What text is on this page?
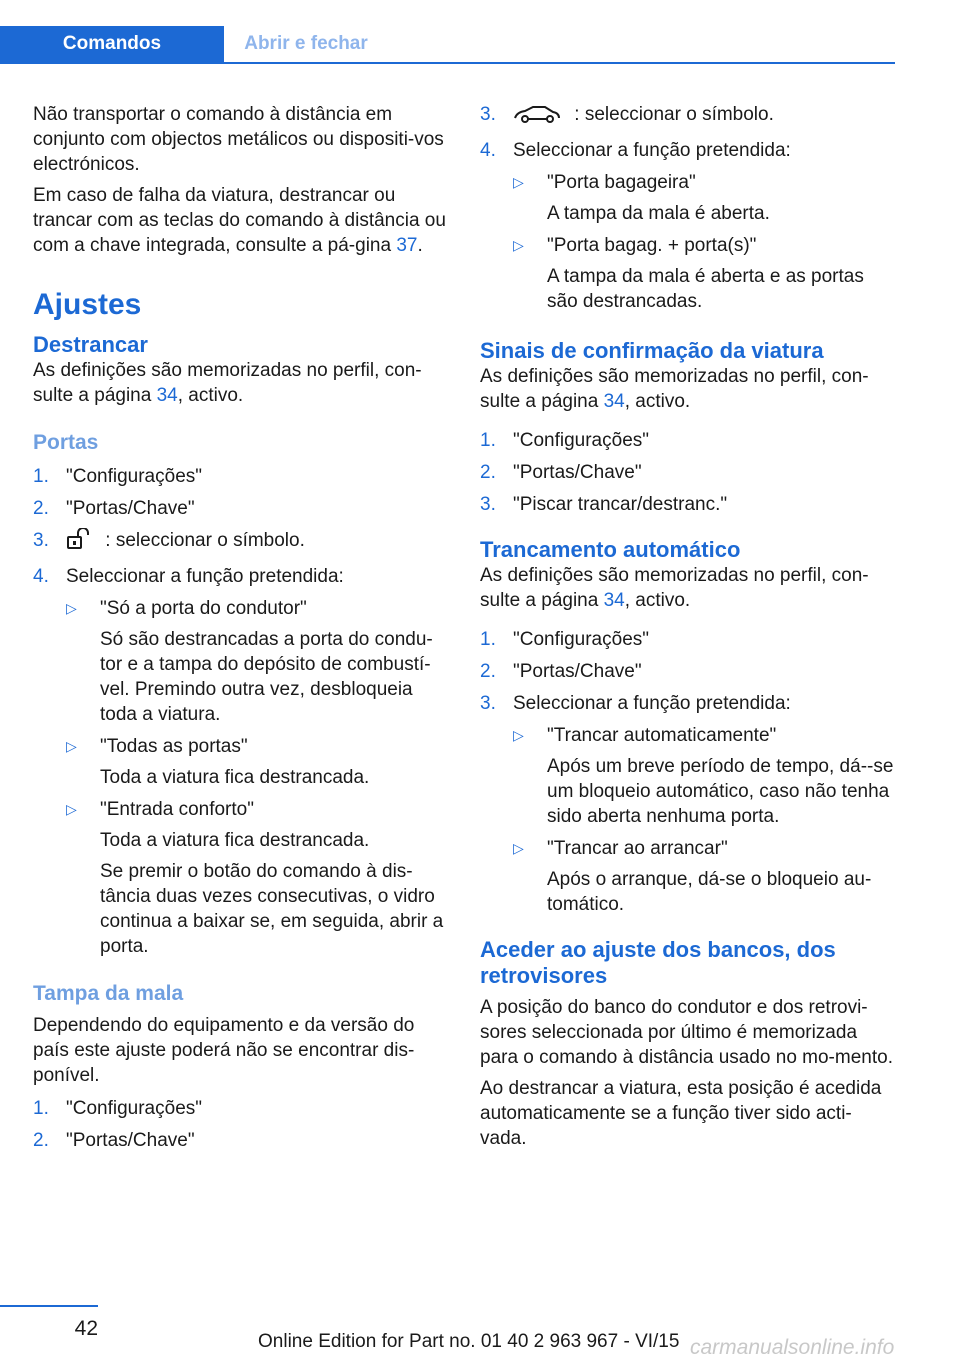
Comandos	Abrir e fechar

Não transportar o comando à distância em conjunto com objectos metálicos ou dispositi-vos electrónicos.

Em caso de falha da viatura, destrancar ou trancar com as teclas do comando à distância ou com a chave integrada, consulte a pá-gina 37.

Ajustes
Destrancar

As definições são memorizadas no perfil, con-sulte a página 34, activo.

Portas
1. "Configurações"
2. "Portas/Chave"
3.	: seleccionar o símbolo.
4. Seleccionar a função pretendida:
▷ "Só a porta do condutor"
Só são destrancadas a porta do condu-tor e a tampa do depósito de combustí-vel. Premindo outra vez, desbloqueia toda a viatura.
▷ "Todas as portas"
Toda a viatura fica destrancada.
▷ "Entrada conforto"
Toda a viatura fica destrancada.
Se premir o botão do comando à dis-tância duas vezes consecutivas, o vidro continua a baixar se, em seguida, abrir a porta.
Tampa da mala

Dependendo do equipamento e da versão do país este ajuste poderá não se encontrar dis-ponível.

1. "Configurações"
2. "Portas/Chave"
3.	: seleccionar o símbolo.
4. Seleccionar a função pretendida:
▷ "Porta bagageira"
A tampa da mala é aberta.
▷ "Porta bagag. + porta(s)"
A tampa da mala é aberta e as portas são destrancadas.
Sinais de confirmação da viatura

As definições são memorizadas no perfil, con-sulte a página 34, activo.

1. "Configurações"
2. "Portas/Chave"
3. "Piscar trancar/destranc."
Trancamento automático

As definições são memorizadas no perfil, con-sulte a página 34, activo.

1. "Configurações"
2. "Portas/Chave"
3. Seleccionar a função pretendida:
▷ "Trancar automaticamente"
Após um breve período de tempo, dá--se um bloqueio automático, caso não tenha sido aberta nenhuma porta.
▷ "Trancar ao arrancar"
Após o arranque, dá-se o bloqueio au-tomático.
Aceder ao ajuste dos bancos, dos retrovisores

A posição do banco do condutor e dos retrovi-sores seleccionada por último é memorizada para o comando à distância usado no mo-mento.

Ao destrancar a viatura, esta posição é acedida automaticamente se a função tiver sido acti-vada.

42
Online Edition for Part no. 01 40 2 963 967 - VI/15 carmanualsonline.info
